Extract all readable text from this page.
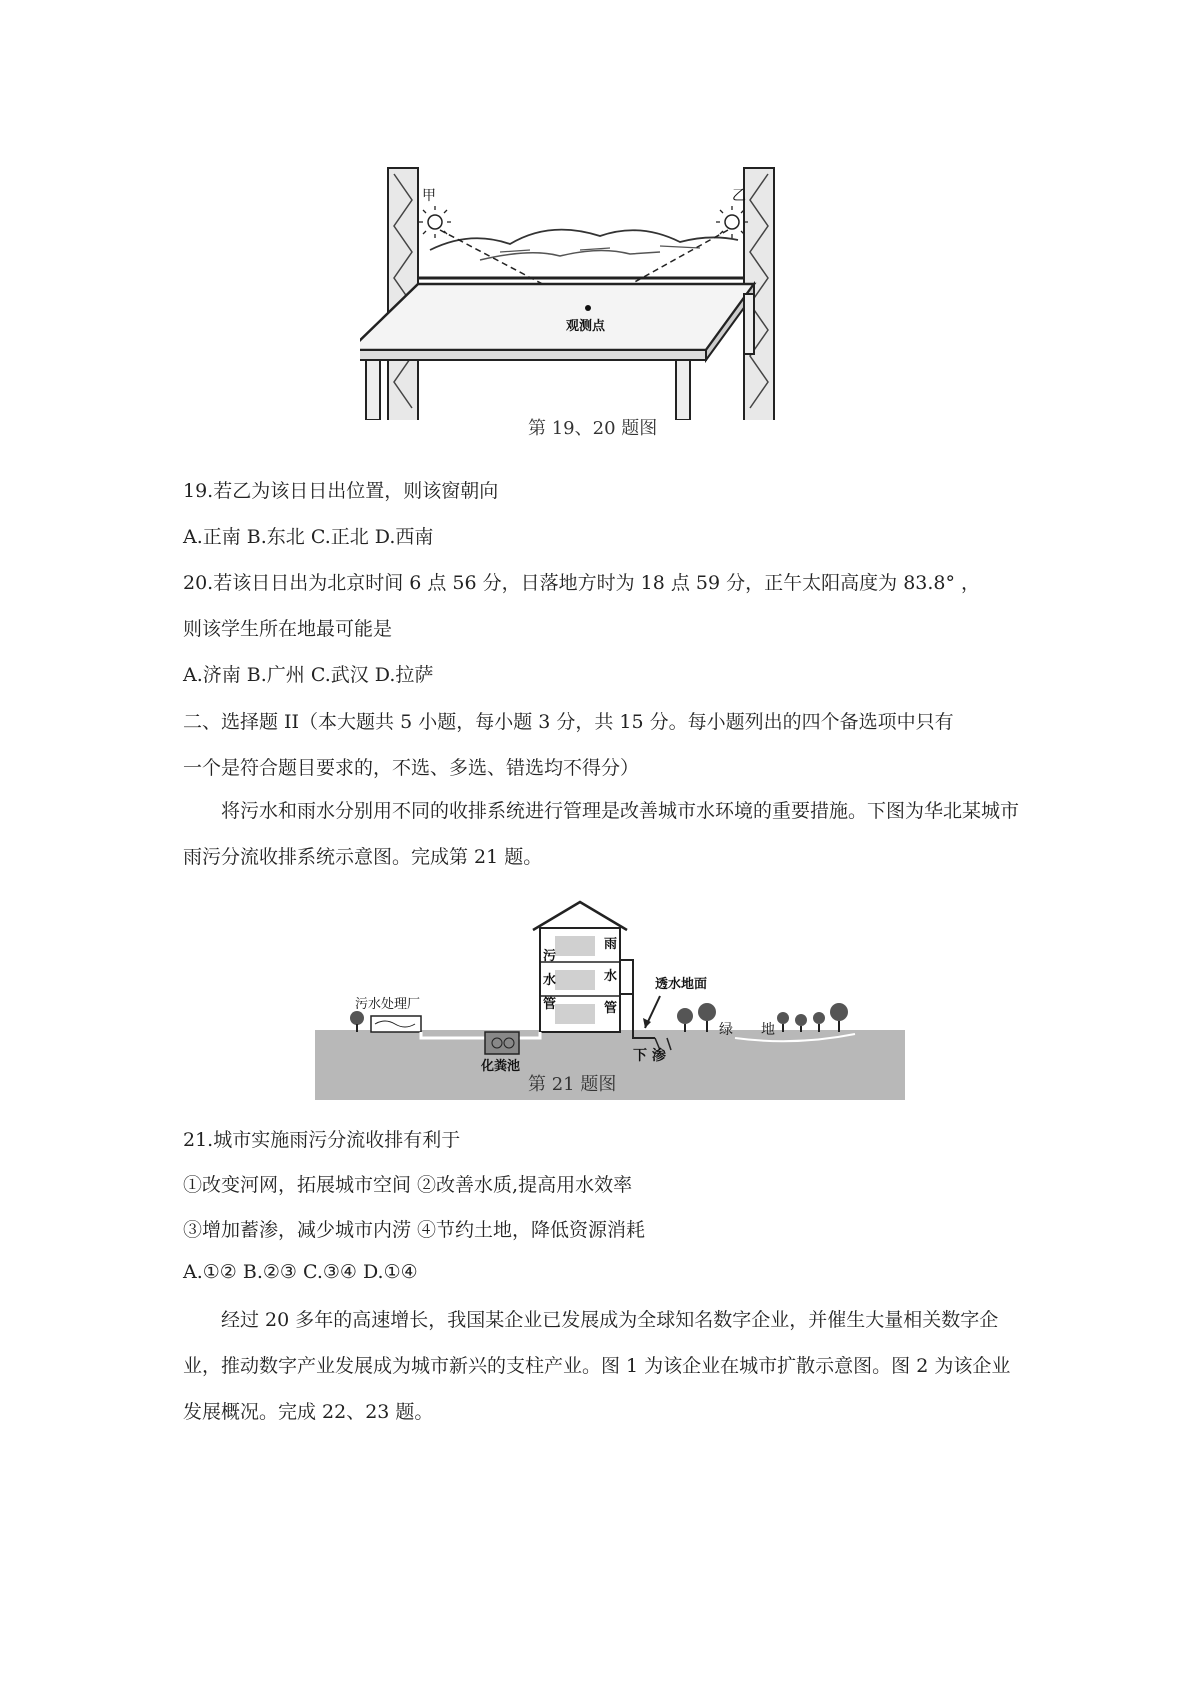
甲	乙
观测点
第 19、20 题图
19.若乙为该日日出位置，则该窗朝向
A.正南 B.东北 C.正北 D.西南
20.若该日日出为北京时间 6 点 56 分，日落地方时为 18 点 59 分，正午太阳高度为 83.8° ，
则该学生所在地最可能是
A.济南 B.广州 C.武汉 D.拉萨
二、选择题 II（本大题共 5 小题，每小题 3 分，共 15 分。每小题列出的四个备选项中只有
一个是符合题目要求的，不选、多选、错选均不得分）

将污水和雨水分别用不同的收排系统进行管理是改善城市水环境的重要措施。下图为华北某城市雨污分流收排系统示意图。完成第 21 题。

污水处理厂
污
水
管
雨
水
管
透水地面
绿　　地
化粪池
下 渗
第 21 题图
21.城市实施雨污分流收排有利于
①改变河网，拓展城市空间 ②改善水质,提高用水效率
③增加蓄渗，减少城市内涝 ④节约土地，降低资源消耗
A.①② B.②③ C.③④ D.①④

经过 20 多年的高速增长，我国某企业已发展成为全球知名数字企业，并催生大量相关数字企业，推动数字产业发展成为城市新兴的支柱产业。图 1 为该企业在城市扩散示意图。图 2 为该企业发展概况。完成 22、23 题。
